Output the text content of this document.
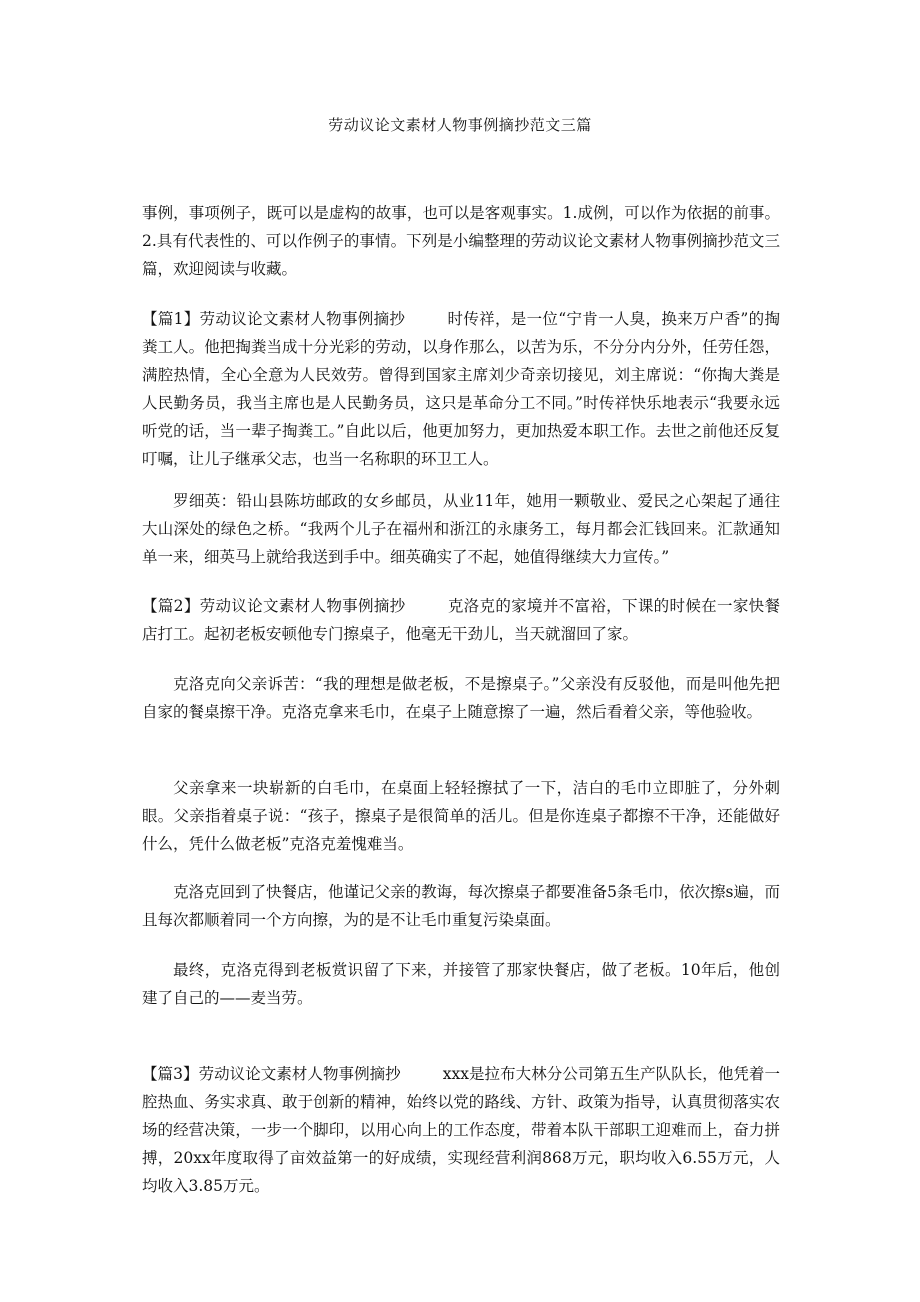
劳动议论文素材人物事例摘抄范文三篇

事例，事项例子，既可以是虚构的故事，也可以是客观事实。1.成例，可以作为依据的前事。2.具有代表性的、可以作例子的事情。下列是小编整理的劳动议论文素材人物事例摘抄范文三篇，欢迎阅读与收藏。

【篇1】劳动议论文素材人物事例摘抄	时传祥，是一位“宁肯一人臭，换来万户香”的掏粪工人。他把掏粪当成十分光彩的劳动，以身作那么，以苦为乐，不分分内分外，任劳任怨，满腔热情，全心全意为人民效劳。曾得到国家主席刘少奇亲切接见，刘主席说：“你掏大粪是人民勤务员，我当主席也是人民勤务员，这只是革命分工不同。”时传祥快乐地表示“我要永远听党的话，当一辈子掏粪工。”自此以后，他更加努力，更加热爱本职工作。去世之前他还反复叮嘱，让儿子继承父志，也当一名称职的环卫工人。

罗细英：铅山县陈坊邮政的女乡邮员，从业11年，她用一颗敬业、爱民之心架起了通往大山深处的绿色之桥。“我两个儿子在福州和浙江的永康务工，每月都会汇钱回来。汇款通知单一来，细英马上就给我送到手中。细英确实了不起，她值得继续大力宣传。”

【篇2】劳动议论文素材人物事例摘抄	克洛克的家境并不富裕，下课的时候在一家快餐店打工。起初老板安顿他专门擦桌子，他毫无干劲儿，当天就溜回了家。

克洛克向父亲诉苦：“我的理想是做老板，不是擦桌子。”父亲没有反驳他，而是叫他先把自家的餐桌擦干净。克洛克拿来毛巾，在桌子上随意擦了一遍，然后看着父亲，等他验收。

父亲拿来一块崭新的白毛巾，在桌面上轻轻擦拭了一下，洁白的毛巾立即脏了，分外刺眼。父亲指着桌子说：“孩子，擦桌子是很简单的活儿。但是你连桌子都擦不干净，还能做好什么，凭什么做老板”克洛克羞愧难当。

克洛克回到了快餐店，他谨记父亲的教诲，每次擦桌子都要准备5条毛巾，依次擦s遍，而且每次都顺着同一个方向擦，为的是不让毛巾重复污染桌面。

最终，克洛克得到老板赏识留了下来，并接管了那家快餐店，做了老板。10年后，他创建了自己的——麦当劳。

【篇3】劳动议论文素材人物事例摘抄	xxx是拉布大林分公司第五生产队队长，他凭着一腔热血、务实求真、敢于创新的精神，始终以党的路线、方针、政策为指导，认真贯彻落实农场的经营决策，一步一个脚印，以用心向上的工作态度，带着本队干部职工迎难而上，奋力拼搏，20xx年度取得了亩效益第一的好成绩，实现经营利润868万元，职均收入6.55万元，人均收入3.85万元。
